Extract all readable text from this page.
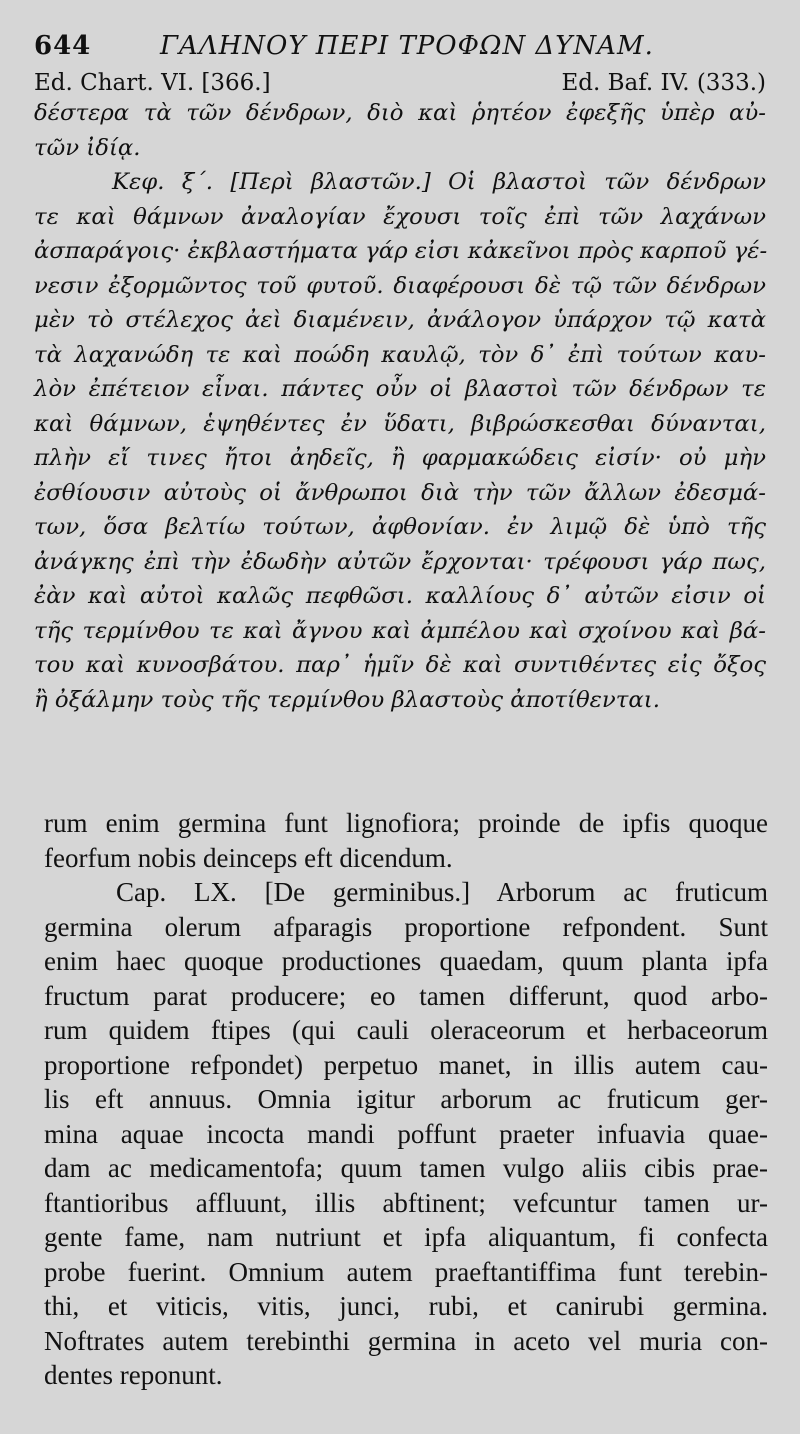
644	ΓΑΛΗΝΟΥ ΠΕΡΙ ΤΡΟΦΩΝ ΔΥΝΑΜ.
Ed. Chart. VI. [366.]	Ed. Baf. IV. (333.)
δέστερα τὰ τῶν δένδρων, διὸ καὶ ῥητέον ἐφεξῆς ὑπὲρ αὐ-
τῶν ἰδίᾳ.
Κεφ. ξ΄. [Περὶ βλαστῶν.] Οἱ βλαστοὶ τῶν δένδρων
τε καὶ θάμνων ἀναλογίαν ἔχουσι τοῖς ἐπὶ τῶν λαχάνων
ἀσπαράγοις· ἐκβλαστήματα γάρ εἰσι κἀκεῖνοι πρὸς καρποῦ γέ-
νεσιν ἐξορμῶντος τοῦ φυτοῦ. διαφέρουσι δὲ τῷ τῶν δένδρων
μὲν τὸ στέλεχος ἀεὶ διαμένειν, ἀνάλογον ὑπάρχον τῷ κατὰ
τὰ λαχανώδη τε καὶ ποώδη καυλῷ, τὸν δ᾽ ἐπὶ τούτων καυ-
λὸν ἐπέτειον εἶναι. πάντες οὖν οἱ βλαστοὶ τῶν δένδρων τε
καὶ θάμνων, ἑψηθέντες ἐν ὕδατι, βιβρώσκεσθαι δύνανται,
πλὴν εἴ τινες ἤτοι ἀηδεῖς, ἢ φαρμακώδεις εἰσίν· οὐ μὴν
ἐσθίουσιν αὐτοὺς οἱ ἄνθρωποι διὰ τὴν τῶν ἄλλων ἐδεσμά-
των, ὅσα βελτίω τούτων, ἀφθονίαν. ἐν λιμῷ δὲ ὑπὸ τῆς
ἀνάγκης ἐπὶ τὴν ἐδωδὴν αὐτῶν ἔρχονται· τρέφουσι γάρ πως,
ἐὰν καὶ αὐτοὶ καλῶς πεφθῶσι. καλλίους δ᾽ αὐτῶν εἰσιν οἱ
τῆς τερμίνθου τε καὶ ἄγνου καὶ ἀμπέλου καὶ σχοίνου καὶ βά-
του καὶ κυνοσβάτου. παρ᾽ ἡμῖν δὲ καὶ συντιθέντες εἰς ὄξος
ἢ ὀξάλμην τοὺς τῆς τερμίνθου βλαστοὺς ἀποτίθενται.
rum enim germina funt lignofiora; proinde de ipfis quoque
feorfum nobis deinceps eft dicendum.
Cap. LX. [De germinibus.] Arborum ac fruticum
germina olerum afparagis proportione refpondent. Sunt
enim haec quoque productiones quaedam, quum planta ipfa
fructum parat producere; eo tamen differunt, quod arbo-
rum quidem ftipes (qui cauli oleraceorum et herbaceorum
proportione refpondet) perpetuo manet, in illis autem cau-
lis eft annuus. Omnia igitur arborum ac fruticum ger-
mina aquae incocta mandi poffunt praeter infuavia quae-
dam ac medicamentofa; quum tamen vulgo aliis cibis prae-
ftantioribus affluunt, illis abftinent; vefcuntur tamen ur-
gente fame, nam nutriunt et ipfa aliquantum, fi confecta
probe fuerint. Omnium autem praeftantiffima funt terebin-
thi, et viticis, vitis, junci, rubi, et canirubi germina.
Noftrates autem terebinthi germina in aceto vel muria con-
dentes reponunt.
